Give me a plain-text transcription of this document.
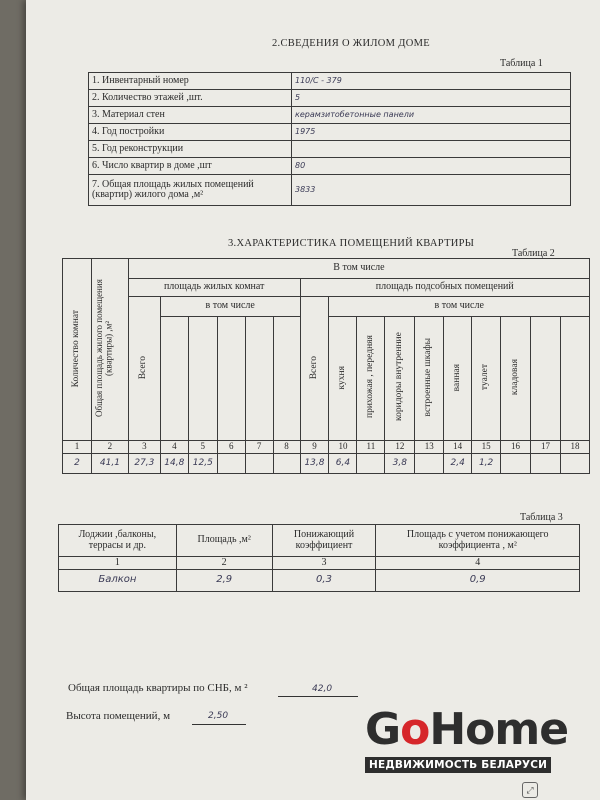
2.СВЕДЕНИЯ О ЖИЛОМ ДОМЕ
Таблица 1
1. Инвентарный номер	110/С - 379
2. Количество этажей ,шт.	5
3. Материал стен	керамзитобетонные панели
4. Год постройки	1975
5. Год реконструкции	
6. Число квартир в доме ,шт	80
7. Общая площадь жилых помещений (квартир) жилого дома ,м²	3833
3.ХАРАКТЕРИСТИКА ПОМЕЩЕНИЙ КВАРТИРЫ
Таблица 2
Количество комнат	Общая площадь жилого помещения (квартиры) ,м²	В том числе															
		площадь жилых комнат						площадь подсобных помещений									
		Всего	в том числе					Всего	в том числе								
									кухня	прихожая , передняя	коридоры внутренние	встроенные шкафы	ванная	туалет	кладовая		
1	2	3	4	5	6	7	8	9	10	11	12	13	14	15	16	17	18
2	41,1	27,3	14,8	12,5				13,8	6,4		3,8		2,4	1,2			
Таблица 3
Лоджии ,балконы, террасы и др.	Площадь ,м²	Понижающий коэффициент	Площадь с учетом понижающего коэффициента , м²
1	2	3	4
Балкон	2,9	0,3	0,9
Общая площадь квартиры по СНБ, м ²	42,0
Высота помещений, м	2,50	GoHome
НЕДВИЖИМОСТЬ БЕЛАРУСИ
⤢
